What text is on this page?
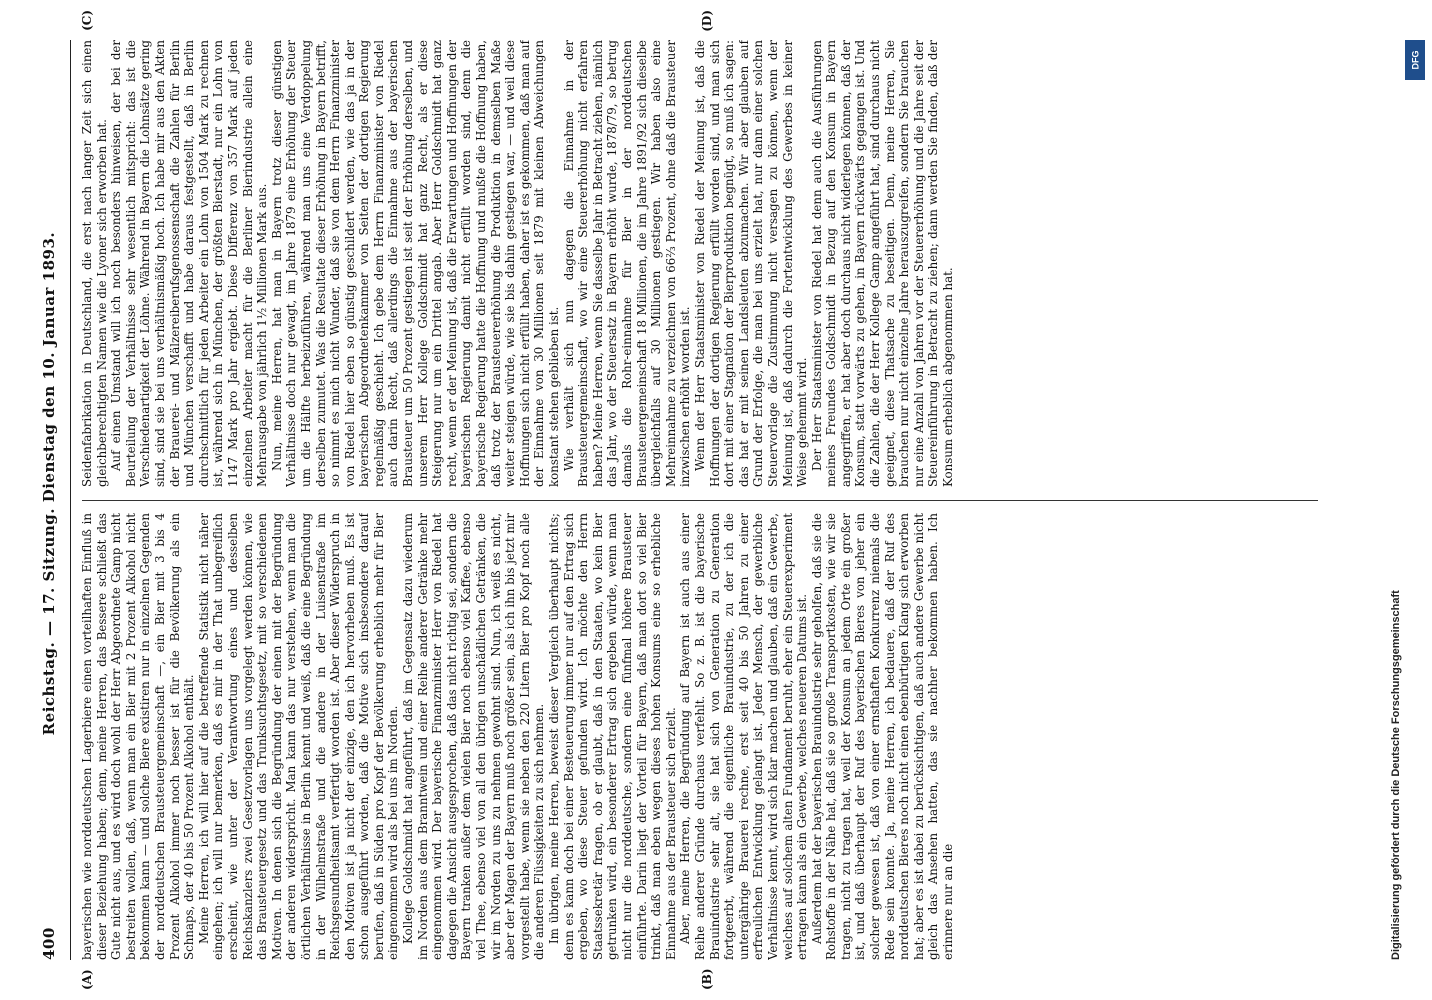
400
Reichstag. — 17. Sitzung. Dienstag den 10. Januar 1893.
(A)	(B)
(C)	(D)

bayerischen wie norddeutschen Lagerbiere einen vorteilhaften Einfluß in dieser Beziehung haben; denn, meine Herren, das Bessere schließt das Gute nicht aus, und es wird doch wohl der Herr Abgeordnete Gamp nicht bestreiten wollen, daß, wenn man ein Bier mit 2 Prozent Alkohol nicht bekommen kann — und solche Biere existiren nur in einzelnen Gegenden der norddeutschen Brausteuergemeinschaft —, ein Bier mit 3 bis 4 Prozent Alkohol immer noch besser ist für die Bevölkerung als ein Schnaps, der 40 bis 50 Prozent Alkohol enthält. Meine Herren, ich will hier auf die betreffende Statistik nicht näher eingehen; ich will nur bemerken, daß es mir in der That unbegreiflich erscheint, wie unter der Verantwortung eines und desselben Reichskanzlers zwei Gesetzvorlagen uns vorgelegt werden können, wie das Brausteuergesetz und das Trunksuchtsgesetz, mit so verschiedenen Motiven. In denen sich die Begründung der einen mit der Begründung der anderen widerspricht. Man kann das nur verstehen, wenn man die örtlichen Verhältnisse in Berlin kennt und weiß, daß die eine Begründung in der Wilhelmstraße und die andere in der Luisenstraße im Reichsgesundheitsamt verfertigt worden ist. Aber dieser Widerspruch in den Motiven ist ja nicht der einzige, den ich hervorheben muß. Es ist schon ausgeführt worden, daß die Motive sich insbesondere darauf berufen, daß in Süden pro Kopf der Bevölkerung erheblich mehr für Bier eingenommen wird als bei uns im Norden. Kollege Goldschmidt hat angeführt, daß im Gegensatz dazu wiederum im Norden aus dem Branntwein und einer Reihe anderer Getränke mehr eingenommen wird. Der bayerische Finanzminister Herr von Riedel hat dagegen die Ansicht ausgesprochen, daß das nicht richtig sei, sondern die Bayern tranken außer dem vielen Bier noch ebenso viel Kaffee, ebenso viel Thee, ebenso viel von all den übrigen unschädlichen Getränken, die wir im Norden zu uns zu nehmen gewohnt sind. Nun, ich weiß es nicht, aber der Magen der Bayern muß noch größer sein, als ich ihn bis jetzt mir vorgestellt habe, wenn sie neben den 220 Litern Bier pro Kopf noch alle die anderen Flüssigkeiten zu sich nehmen. Im übrigen, meine Herren, beweist dieser Vergleich überhaupt nichts; denn es kann doch bei einer Besteuerung immer nur auf den Ertrag sich ergeben, wo diese Steuer gefunden wird. Ich möchte den Herrn Staatssekretär fragen, ob er glaubt, daß in den Staaten, wo kein Bier getrunken wird, ein besonderer Ertrag sich ergeben würde, wenn man nicht nur die norddeutsche, sondern eine fünfmal höhere Brausteuer einführte. Darin liegt der Vorteil für Bayern, daß man dort so viel Bier trinkt, daß man eben wegen dieses hohen Konsums eine so erhebliche Einnahme aus der Brausteuer sich erzielt. Aber, meine Herren, die Begründung auf Bayern ist auch aus einer Reihe anderer Gründe durchaus verfehlt. So z. B. ist die bayerische Brauindustrie sehr alt, sie hat sich von Generation zu Generation fortgeerbt, während die eigentliche Brauindustrie, zu der ich die untergährige Brauerei rechne, erst seit 40 bis 50 Jahren zu einer erfreulichen Entwicklung gelangt ist. Jeder Mensch, der gewerbliche Verhältnisse kennt, wird sich klar machen und glauben, daß ein Gewerbe, welches auf solchem alten Fundament beruht, eher ein Steuerexperiment ertragen kann als ein Gewerbe, welches neueren Datums ist. Außerdem hat der bayerischen Brauindustrie sehr geholfen, daß sie die Rohstoffe in der Nähe hat, daß sie so große Transportkosten, wie wir sie tragen, nicht zu tragen hat, weil der Konsum an jedem Orte ein großer ist, und daß überhaupt der Ruf des bayerischen Bieres von jeher ein solcher gewesen ist, daß von einer ernsthaften Konkurrenz niemals die Rede sein konnte. Ja, meine Herren, ich bedauere, daß der Ruf des norddeutschen Bieres noch nicht einen ebenbürtigen Klang sich erworben hat; aber es ist dabei zu berücksichtigen, daß auch andere Gewerbe nicht gleich das Ansehen hatten, das sie nachher bekommen haben. Ich erinnere nur an die

Seidenfabrikation in Deutschland, die erst nach langer Zeit sich einen gleichberechtigten Namen wie die Lyoner sich erworben hat. Auf einen Umstand will ich noch besonders hinweisen, der bei der Beurteilung der Verhältnisse sehr wesentlich mitspricht: das ist die Verschiedenartigkeit der Löhne. Während in Bayern die Lohnsätze gering sind, sind sie bei uns verhältnismäßig hoch. Ich habe mir aus den Akten der Brauerei- und Mälzereiberufsgenossenschaft die Zahlen für Berlin und München verschafft und habe daraus festgestellt, daß in Berlin durchschnittlich für jeden Arbeiter ein Lohn von 1504 Mark zu rechnen ist, während sich in München, der größten Bierstadt, nur ein Lohn von 1147 Mark pro Jahr ergiebt. Diese Differenz von 357 Mark auf jeden einzelnen Arbeiter macht für die Berliner Bierindustrie allein eine Mehrausgabe von jährlich 1½ Millionen Mark aus. Nun, meine Herren, hat man in Bayern trotz dieser günstigen Verhältnisse doch nur gewagt, im Jahre 1879 eine Erhöhung der Steuer um die Hälfte herbeizuführen, während man uns eine Verdoppelung derselben zumutet. Was die Resultate dieser Erhöhung in Bayern betrifft, so nimmt es mich nicht Wunder, daß sie von dem Herrn Finanzminister von Riedel hier eben so günstig geschildert werden, wie das ja in der bayerischen Abgeordnetenkammer von Seiten der dortigen Regierung regelmäßig geschieht. Ich gebe dem Herrn Finanzminister von Riedel auch darin Recht, daß allerdings die Einnahme aus der bayerischen Brausteuer um 50 Prozent gestiegen ist seit der Erhöhung derselben, und unserem Herr Kollege Goldschmidt hat ganz Recht, als er diese Steigerung nur um ein Drittel angab. Aber Herr Goldschmidt hat ganz recht, wenn er der Meinung ist, daß die Erwartungen und Hoffnungen der bayerischen Regierung damit nicht erfüllt worden sind, denn die bayerische Regierung hatte die Hoffnung und mußte die Hoffnung haben, daß trotz der Brausteuererhöhung die Produktion in demselben Maße weiter steigen würde, wie sie bis dahin gestiegen war, — und weil diese Hoffnungen sich nicht erfüllt haben, daher ist es gekommen, daß man auf der Einnahme von 30 Millionen seit 1879 mit kleinen Abweichungen konstant stehen geblieben ist. Wie verhält sich nun dagegen die Einnahme in der Brausteuergemeinschaft, wo wir eine Steuererhöhung nicht erfahren haben? Meine Herren, wenn Sie dasselbe Jahr in Betracht ziehen, nämlich das Jahr, wo der Steuersatz in Bayern erhöht wurde, 1878/79, so betrug damals die Rohr-einnahme für Bier in der norddeutschen Brausteuergemeinschaft 18 Millionen, die im Jahre 1891/92 sich dieselbe übergleichfalls auf 30 Millionen gestiegen. Wir haben also eine Mehreinnahme zu verzeichnen von 66⅔ Prozent, ohne daß die Brausteuer inzwischen erhöht worden ist. Wenn der Herr Staatsminister von Riedel der Meinung ist, daß die Hoffnungen der dortigen Regierung erfüllt worden sind, und man sich dort mit einer Stagnation der Bierproduktion begnügt, so muß ich sagen: das hat er mit seinen Landsleuten abzumachen. Wir aber glauben auf Grund der Erfolge, die man bei uns erzielt hat, nur dann einer solchen Steuervorlage die Zustimmung nicht versagen zu können, wenn der Meinung ist, daß dadurch die Fortentwicklung des Gewerbes in keiner Weise gehemmt wird. Der Herr Staatsminister von Riedel hat denn auch die Ausführungen meines Freundes Goldschmidt in Bezug auf den Konsum in Bayern angegriffen, er hat aber doch durchaus nicht widerlegen können, daß der Konsum, statt vorwärts zu gehen, in Bayern rückwärts gegangen ist. Und die Zahlen, die der Herr Kollege Gamp angeführt hat, sind durchaus nicht geeignet, diese Thatsache zu beseitigen. Denn, meine Herren, Sie brauchen nur nicht einzelne Jahre herauszugreifen, sondern Sie brauchen nur eine Anzahl von Jahren vor der Steuererhöhung und die Jahre seit der Steuereinführung in Betracht zu ziehen; dann werden Sie finden, daß der Konsum erheblich abgenommen hat.

DFG
Digitalisierung gefördert durch die Deutsche Forschungsgemeinschaft
